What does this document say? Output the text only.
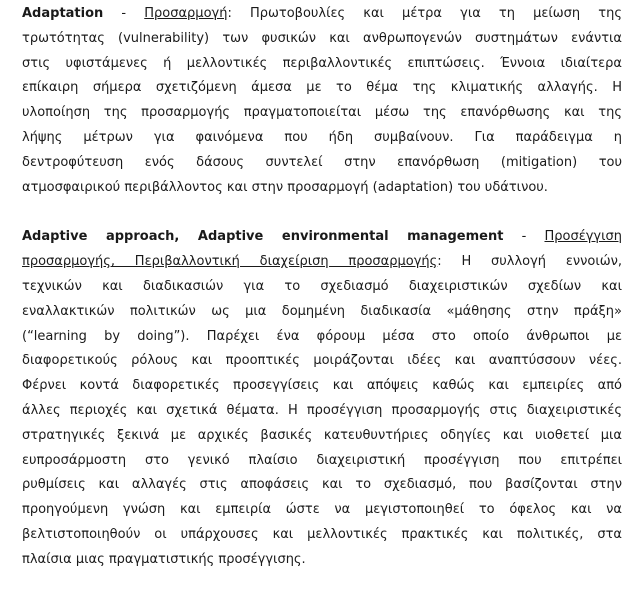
Adaptation - Προσαρμογή: Πρωτοβουλίες και μέτρα για τη μείωση της
τρωτότητας (vulnerability) των φυσικών και ανθρωπογενών συστημάτων ενάντια
στις υφιστάμενες ή μελλοντικές περιβαλλοντικές επιπτώσεις. Έννοια ιδιαίτερα
επίκαιρη σήμερα σχετιζόμενη άμεσα με το θέμα της κλιματικής αλλαγής. Η
υλοποίηση της προσαρμογής πραγματοποιείται μέσω της επανόρθωσης και της
λήψης μέτρων για φαινόμενα που ήδη συμβαίνουν. Για παράδειγμα η
δεντροφύτευση ενός δάσους συντελεί στην επανόρθωση (mitigation) του
ατμοσφαιρικού περιβάλλοντος και στην προσαρμογή (adaptation) του υδάτινου.
Adaptive approach, Adaptive environmental management - Προσέγγιση
προσαρμογής, Περιβαλλοντική διαχείριση προσαρμογής: Η συλλογή εννοιών,
τεχνικών και διαδικασιών για το σχεδιασμό διαχειριστικών σχεδίων και
εναλλακτικών πολιτικών ως μια δομημένη διαδικασία «μάθησης στην πράξη»
(“learning by doing”). Παρέχει ένα φόρουμ μέσα στο οποίο άνθρωποι με
διαφορετικούς ρόλους και προοπτικές μοιράζονται ιδέες και αναπτύσσουν νέες.
Φέρνει κοντά διαφορετικές προσεγγίσεις και απόψεις καθώς και εμπειρίες από
άλλες περιοχές και σχετικά θέματα. Η προσέγγιση προσαρμογής στις διαχειριστικές
στρατηγικές ξεκινά με αρχικές βασικές κατευθυντήριες οδηγίες και υιοθετεί μια
ευπροσάρμοστη στο γενικό πλαίσιο διαχειριστική προσέγγιση που επιτρέπει
ρυθμίσεις και αλλαγές στις αποφάσεις και το σχεδιασμό, που βασίζονται στην
προηγούμενη γνώση και εμπειρία ώστε να μεγιστοποιηθεί το όφελος και να
βελτιστοποιηθούν οι υπάρχουσες και μελλοντικές πρακτικές και πολιτικές, στα
πλαίσια μιας πραγματιστικής προσέγγισης.
